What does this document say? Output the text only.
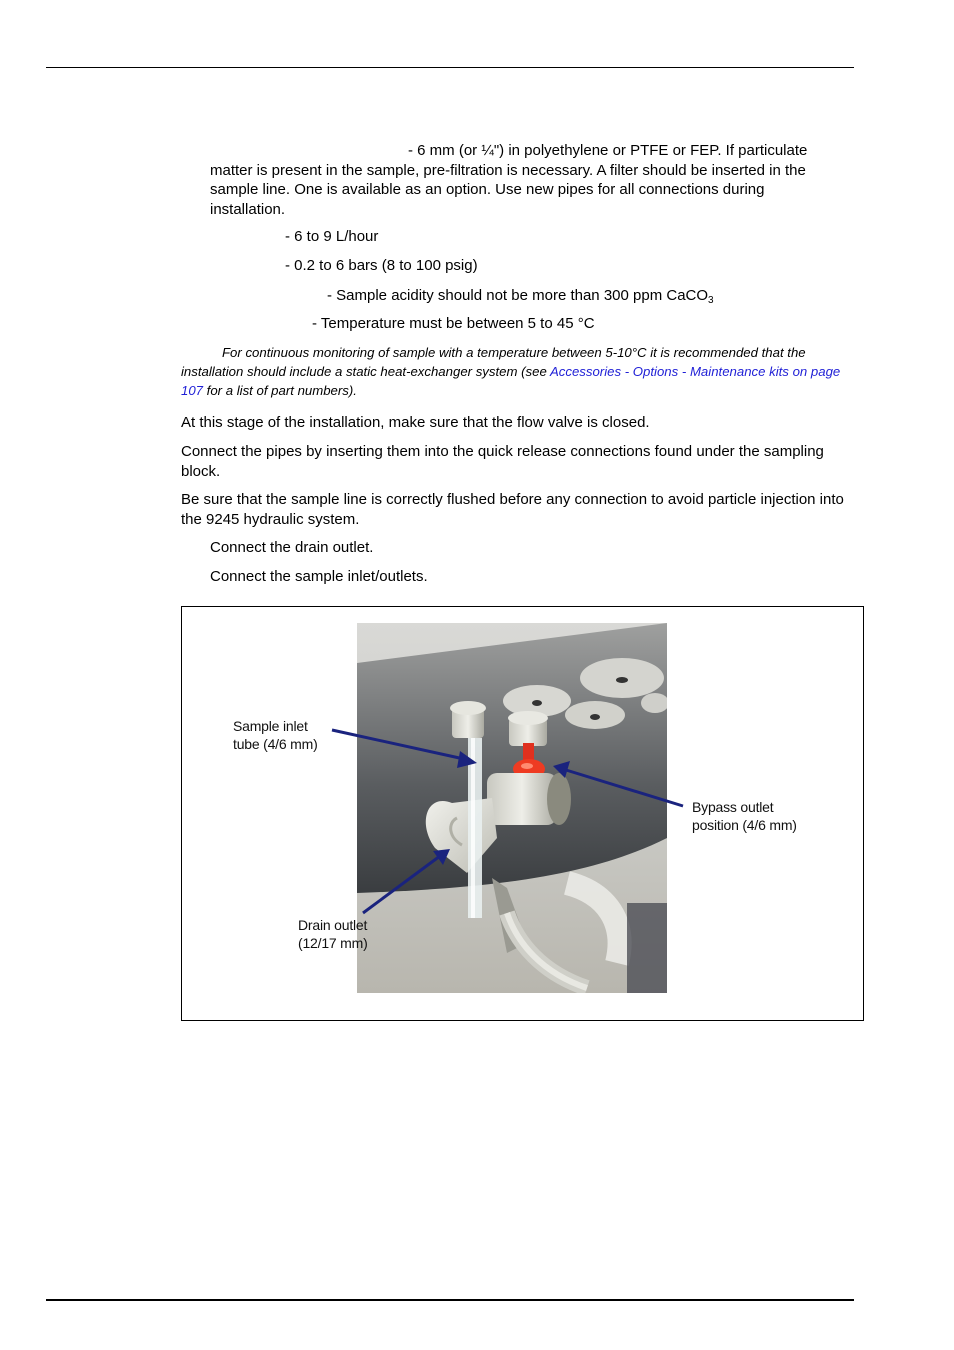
- 6 mm (or ¼") in polyethylene or PTFE or FEP. If particulate
matter is present in the sample, pre-filtration is necessary. A filter should be inserted in the
sample line. One is available as an option. Use new pipes for all connections during
installation.
- 6 to 9 L/hour
- 0.2 to 6 bars (8 to 100 psig)
- Sample acidity should not be more than 300 ppm CaCO$_3$
- Temperature must be between 5 to 45 °C
For continuous monitoring of sample with a temperature between 5-10°C it is recommended that the installation should include a static heat-exchanger system (see Accessories - Options - Maintenance kits on page 107 for a list of part numbers).
At this stage of the installation, make sure that the flow valve is closed.
Connect the pipes by inserting them into the quick release connections found under the sampling block.
Be sure that the sample line is correctly flushed before any connection to avoid particle injection into the 9245 hydraulic system.
Connect the drain outlet.
Connect the sample inlet/outlets.
Sample inlet
tube (4/6 mm)
Bypass outlet
position (4/6 mm)
Drain outlet
(12/17 mm)
